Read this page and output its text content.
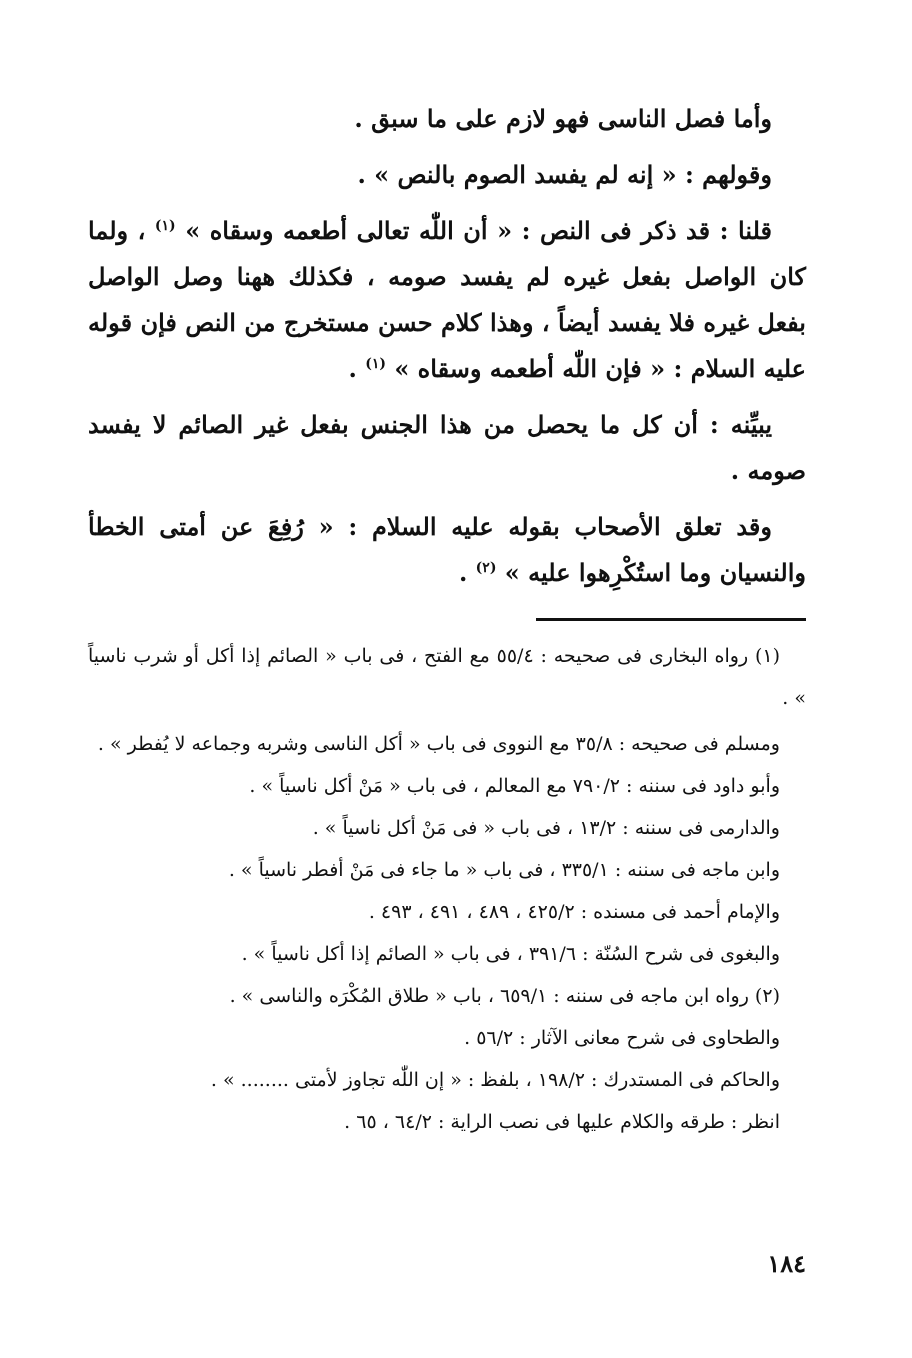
وأما فصل الناسى فهو لازم على ما سبق .

وقولهم : « إنه لم يفسد الصوم بالنص » .

قلنا : قد ذكر فى النص : « أن اللّٰه تعالى أطعمه وسقاه » $^{(١)}$ ، ولما كان الواصل بفعل غيره لم يفسد صومه ، فكذلك ههنا وصل الواصل بفعل غيره فلا يفسد أيضاً ، وهذا كلام حسن مستخرج من النص فإن قوله عليه السلام : « فإن اللّٰه أطعمه وسقاه » $^{(١)}$ .

يبيِّنه : أن كل ما يحصل من هذا الجنس بفعل غير الصائم لا يفسد صومه .

وقد تعلق الأصحاب بقوله عليه السلام : « رُفِعَ عن أمتى الخطأ والنسيان وما استُكْرِهوا عليه » $^{(٢)}$ .

(١) رواه البخارى فى صحيحه : ٥٥/٤ مع الفتح ، فى باب « الصائم إذا أكل أو شرب ناسياً » .

ومسلم فى صحيحه : ٣٥/٨ مع النووى فى باب « أكل الناسى وشربه وجماعه لا يُفطر » .

وأبو داود فى سننه : ٧٩٠/٢ مع المعالم ، فى باب « مَنْ أكل ناسياً » .

والدارمى فى سننه : ١٣/٢ ، فى باب « فى مَنْ أكل ناسياً » .

وابن ماجه فى سننه : ٣٣٥/١ ، فى باب « ما جاء فى مَنْ أفطر ناسياً » .

والإمام أحمد فى مسنده : ٤٢٥/٢ ، ٤٨٩ ، ٤٩١ ، ٤٩٣ .

والبغوى فى شرح السُنّة : ٣٩١/٦ ، فى باب « الصائم إذا أكل ناسياً » .

(٢) رواه ابن ماجه فى سننه : ٦٥٩/١ ، باب « طلاق المُكْرَه والناسى » .

والطحاوى فى شرح معانى الآثار : ٥٦/٢ .

والحاكم فى المستدرك : ١٩٨/٢ ، بلفظ : « إن اللّٰه تجاوز لأمتى ........ » .

انظر : طرقه والكلام عليها فى نصب الراية : ٦٤/٢ ، ٦٥ .

١٨٤
